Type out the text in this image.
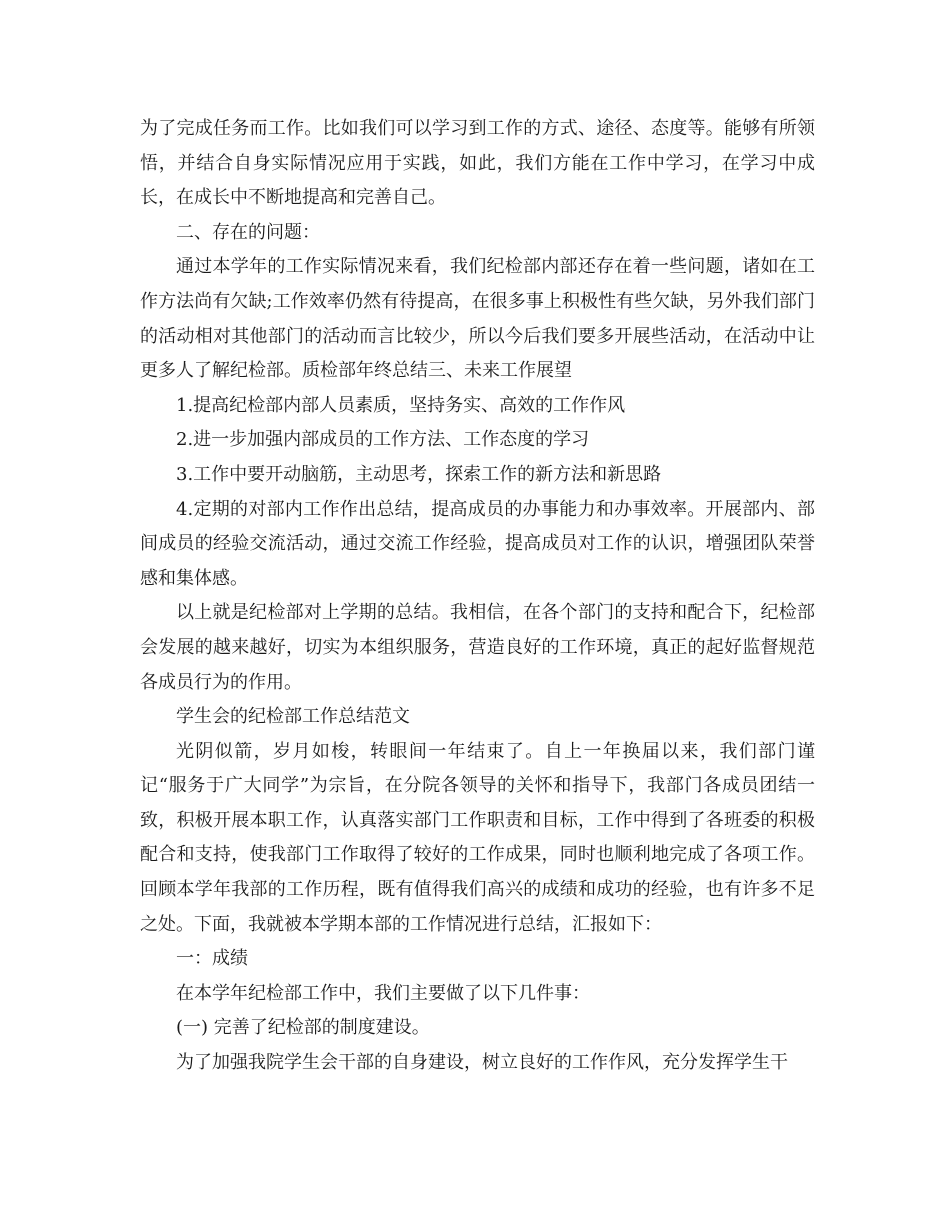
为了完成任务而工作。比如我们可以学习到工作的方式、途径、态度等。能够有所领悟，并结合自身实际情况应用于实践，如此，我们方能在工作中学习，在学习中成长，在成长中不断地提高和完善自己。

二、存在的问题：

通过本学年的工作实际情况来看，我们纪检部内部还存在着一些问题，诸如在工作方法尚有欠缺;工作效率仍然有待提高，在很多事上积极性有些欠缺，另外我们部门的活动相对其他部门的活动而言比较少，所以今后我们要多开展些活动，在活动中让更多人了解纪检部。质检部年终总结三、未来工作展望

1.提高纪检部内部人员素质，坚持务实、高效的工作作风

2.进一步加强内部成员的工作方法、工作态度的学习

3.工作中要开动脑筋，主动思考，探索工作的新方法和新思路

4.定期的对部内工作作出总结，提高成员的办事能力和办事效率。开展部内、部间成员的经验交流活动，通过交流工作经验，提高成员对工作的认识，增强团队荣誉感和集体感。

以上就是纪检部对上学期的总结。我相信，在各个部门的支持和配合下，纪检部会发展的越来越好，切实为本组织服务，营造良好的工作环境，真正的起好监督规范各成员行为的作用。

学生会的纪检部工作总结范文

光阴似箭，岁月如梭，转眼间一年结束了。自上一年换届以来，我们部门谨记“服务于广大同学”为宗旨，在分院各领导的关怀和指导下，我部门各成员团结一致，积极开展本职工作，认真落实部门工作职责和目标，工作中得到了各班委的积极配合和支持，使我部门工作取得了较好的工作成果，同时也顺利地完成了各项工作。回顾本学年我部的工作历程，既有值得我们高兴的成绩和成功的经验，也有许多不足之处。下面，我就被本学期本部的工作情况进行总结，汇报如下：

一：成绩

在本学年纪检部工作中，我们主要做了以下几件事：

(一) 完善了纪检部的制度建设。

为了加强我院学生会干部的自身建设，树立良好的工作作风，充分发挥学生干
